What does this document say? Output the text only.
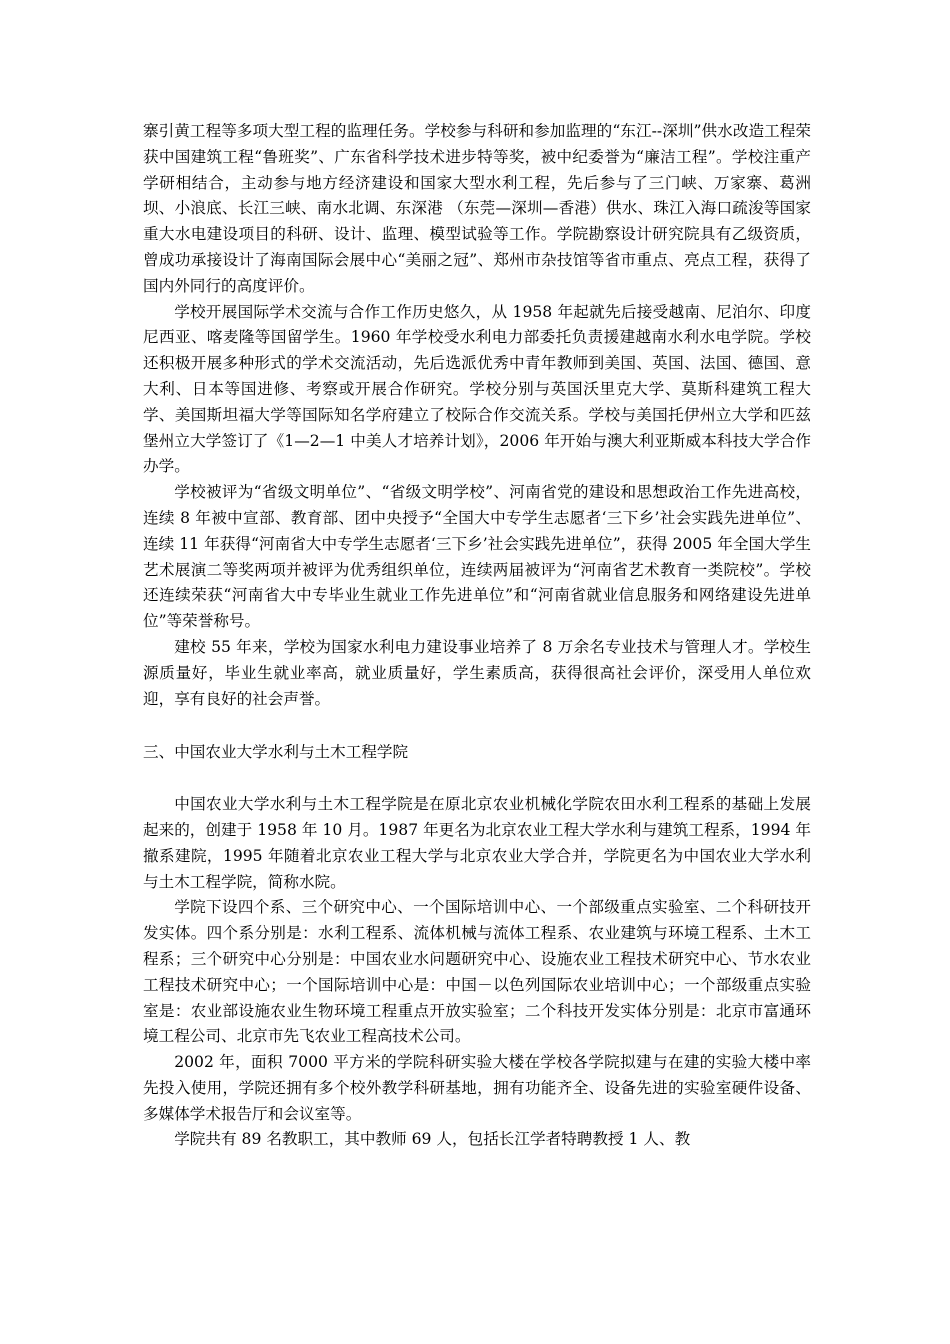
寨引黄工程等多项大型工程的监理任务。学校参与科研和参加监理的“东江--深圳”供水改造工程荣获中国建筑工程“鲁班奖”、广东省科学技术进步特等奖，被中纪委誉为“廉洁工程”。学校注重产学研相结合，主动参与地方经济建设和国家大型水利工程，先后参与了三门峡、万家寨、葛洲坝、小浪底、长江三峡、南水北调、东深港 （东莞—深圳—香港）供水、珠江入海口疏浚等国家重大水电建设项目的科研、设计、监理、模型试验等工作。学院勘察设计研究院具有乙级资质，曾成功承接设计了海南国际会展中心“美丽之冠”、郑州市杂技馆等省市重点、亮点工程，获得了国内外同行的高度评价。

学校开展国际学术交流与合作工作历史悠久，从 1958 年起就先后接受越南、尼泊尔、印度尼西亚、喀麦隆等国留学生。1960 年学校受水利电力部委托负责援建越南水利水电学院。学校还积极开展多种形式的学术交流活动，先后选派优秀中青年教师到美国、英国、法国、德国、意大利、日本等国进修、考察或开展合作研究。学校分别与英国沃里克大学、莫斯科建筑工程大学、美国斯坦福大学等国际知名学府建立了校际合作交流关系。学校与美国托伊州立大学和匹兹堡州立大学签订了《1—2—1 中美人才培养计划》，2006 年开始与澳大利亚斯威本科技大学合作办学。

学校被评为“省级文明单位”、“省级文明学校”、河南省党的建设和思想政治工作先进高校，连续 8 年被中宣部、教育部、团中央授予“全国大中专学生志愿者‘三下乡’社会实践先进单位”、连续 11 年获得“河南省大中专学生志愿者‘三下乡’社会实践先进单位”，获得 2005 年全国大学生艺术展演二等奖两项并被评为优秀组织单位，连续两届被评为“河南省艺术教育一类院校”。学校还连续荣获“河南省大中专毕业生就业工作先进单位”和“河南省就业信息服务和网络建设先进单位”等荣誉称号。

建校 55 年来，学校为国家水利电力建设事业培养了 8 万余名专业技术与管理人才。学校生源质量好，毕业生就业率高，就业质量好，学生素质高，获得很高社会评价，深受用人单位欢迎，享有良好的社会声誉。

三、中国农业大学水利与土木工程学院

中国农业大学水利与土木工程学院是在原北京农业机械化学院农田水利工程系的基础上发展起来的，创建于 1958 年 10 月。1987 年更名为北京农业工程大学水利与建筑工程系，1994 年撤系建院，1995 年随着北京农业工程大学与北京农业大学合并，学院更名为中国农业大学水利与土木工程学院，简称水院。

学院下设四个系、三个研究中心、一个国际培训中心、一个部级重点实验室、二个科研技开发实体。四个系分别是：水利工程系、流体机械与流体工程系、农业建筑与环境工程系、土木工程系；三个研究中心分别是：中国农业水问题研究中心、设施农业工程技术研究中心、节水农业工程技术研究中心；一个国际培训中心是：中国－以色列国际农业培训中心；一个部级重点实验室是：农业部设施农业生物环境工程重点开放实验室；二个科技开发实体分别是：北京市富通环境工程公司、北京市先飞农业工程高技术公司。

2002 年，面积 7000 平方米的学院科研实验大楼在学校各学院拟建与在建的实验大楼中率先投入使用，学院还拥有多个校外教学科研基地，拥有功能齐全、设备先进的实验室硬件设备、多媒体学术报告厅和会议室等。

学院共有 89 名教职工，其中教师 69 人，包括长江学者特聘教授 1 人、教
